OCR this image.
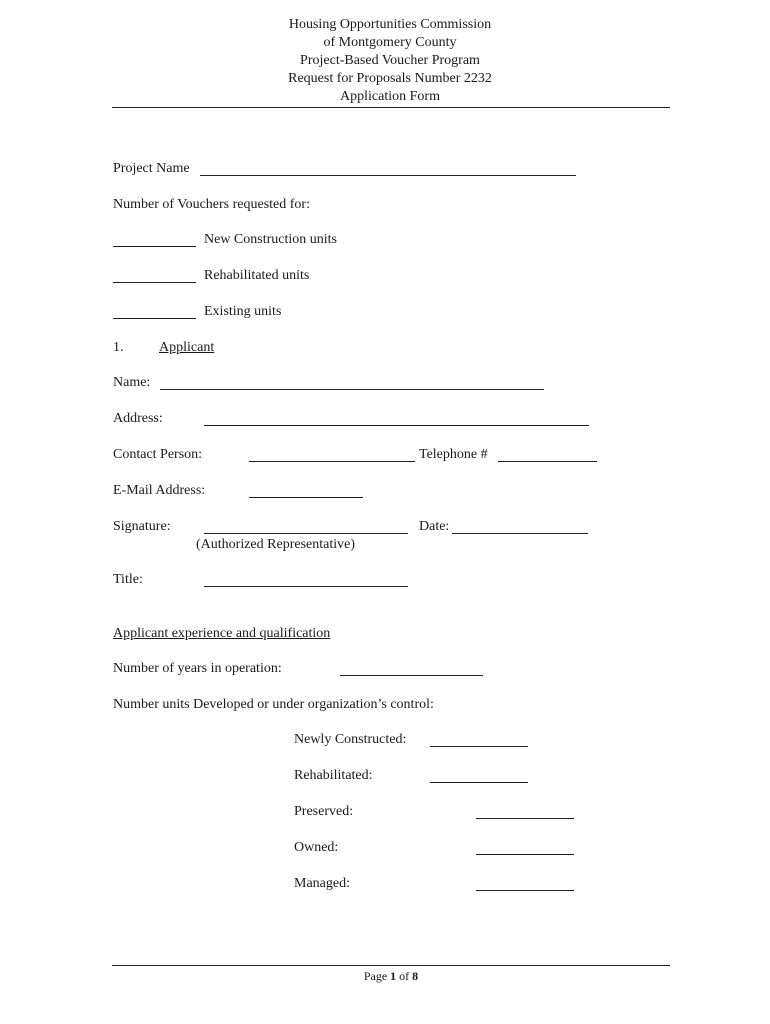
Housing Opportunities Commission
of Montgomery County
Project-Based Voucher Program
Request for Proposals Number 2232
Application Form
Project Name
Number of Vouchers requested for:
New Construction units
Rehabilitated units
Existing units
1.	Applicant
Name:
Address:
Contact Person:	Telephone #
E-Mail Address:
Signature:	Date:
(Authorized Representative)
Title:
Applicant experience and qualification
Number of years in operation:
Number units Developed or under organization’s control:
Newly Constructed:
Rehabilitated:
Preserved:
Owned:
Managed:
Page 1 of 8
